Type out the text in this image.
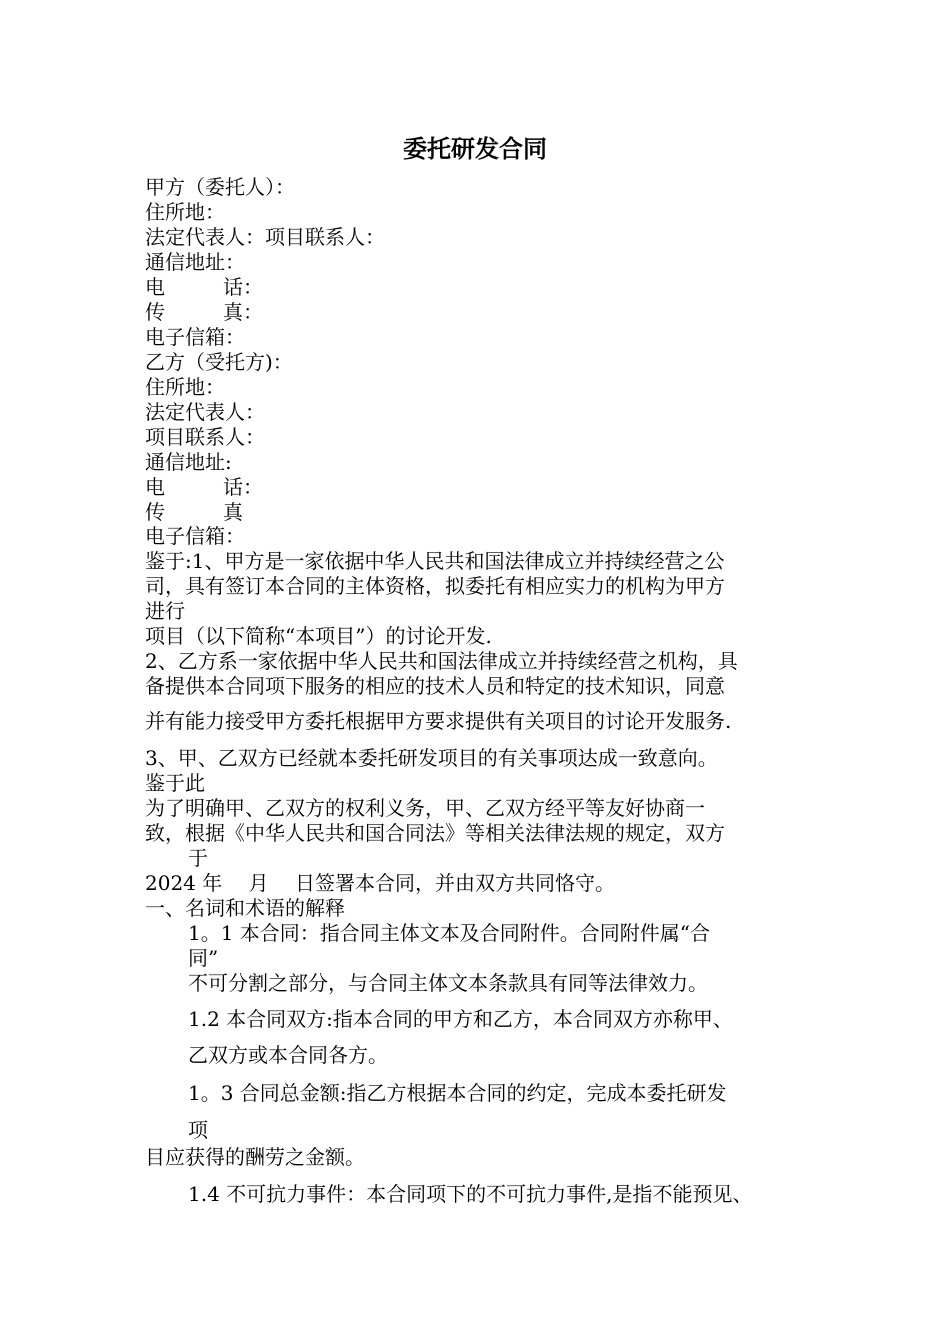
委托研发合同
甲方（委托人）：
住所地：
法定代表人：项目联系人：
通信地址：
电	话：
传	真：
电子信箱：
乙方（受托方)：
住所地：
法定代表人：
项目联系人：
通信地址:
电	话：
传	真
电子信箱：
鉴于:1、甲方是一家依据中华人民共和国法律成立并持续经营之公
司，具有签订本合同的主体资格，拟委托有相应实力的机构为甲方
进行
项目（以下简称“本项目”）的讨论开发.
2、乙方系一家依据中华人民共和国法律成立并持续经营之机构，具
备提供本合同项下服务的相应的技术人员和特定的技术知识，同意
并有能力接受甲方委托根据甲方要求提供有关项目的讨论开发服务.
3、甲、乙双方已经就本委托研发项目的有关事项达成一致意向。
鉴于此
为了明确甲、乙双方的权利义务，甲、乙双方经平等友好协商一
致，根据《中华人民共和国合同法》等相关法律法规的规定，双方
于
2024 年　 月　 日签署本合同，并由双方共同恪守。
一、名词和术语的解释
1。1 本合同：指合同主体文本及合同附件。合同附件属“合
同”
不可分割之部分，与合同主体文本条款具有同等法律效力。
1.2 本合同双方:指本合同的甲方和乙方，本合同双方亦称甲、
乙双方或本合同各方。
1。3 合同总金额:指乙方根据本合同的约定，完成本委托研发
项
目应获得的酬劳之金额。
1.4 不可抗力事件：本合同项下的不可抗力事件,是指不能预见、
